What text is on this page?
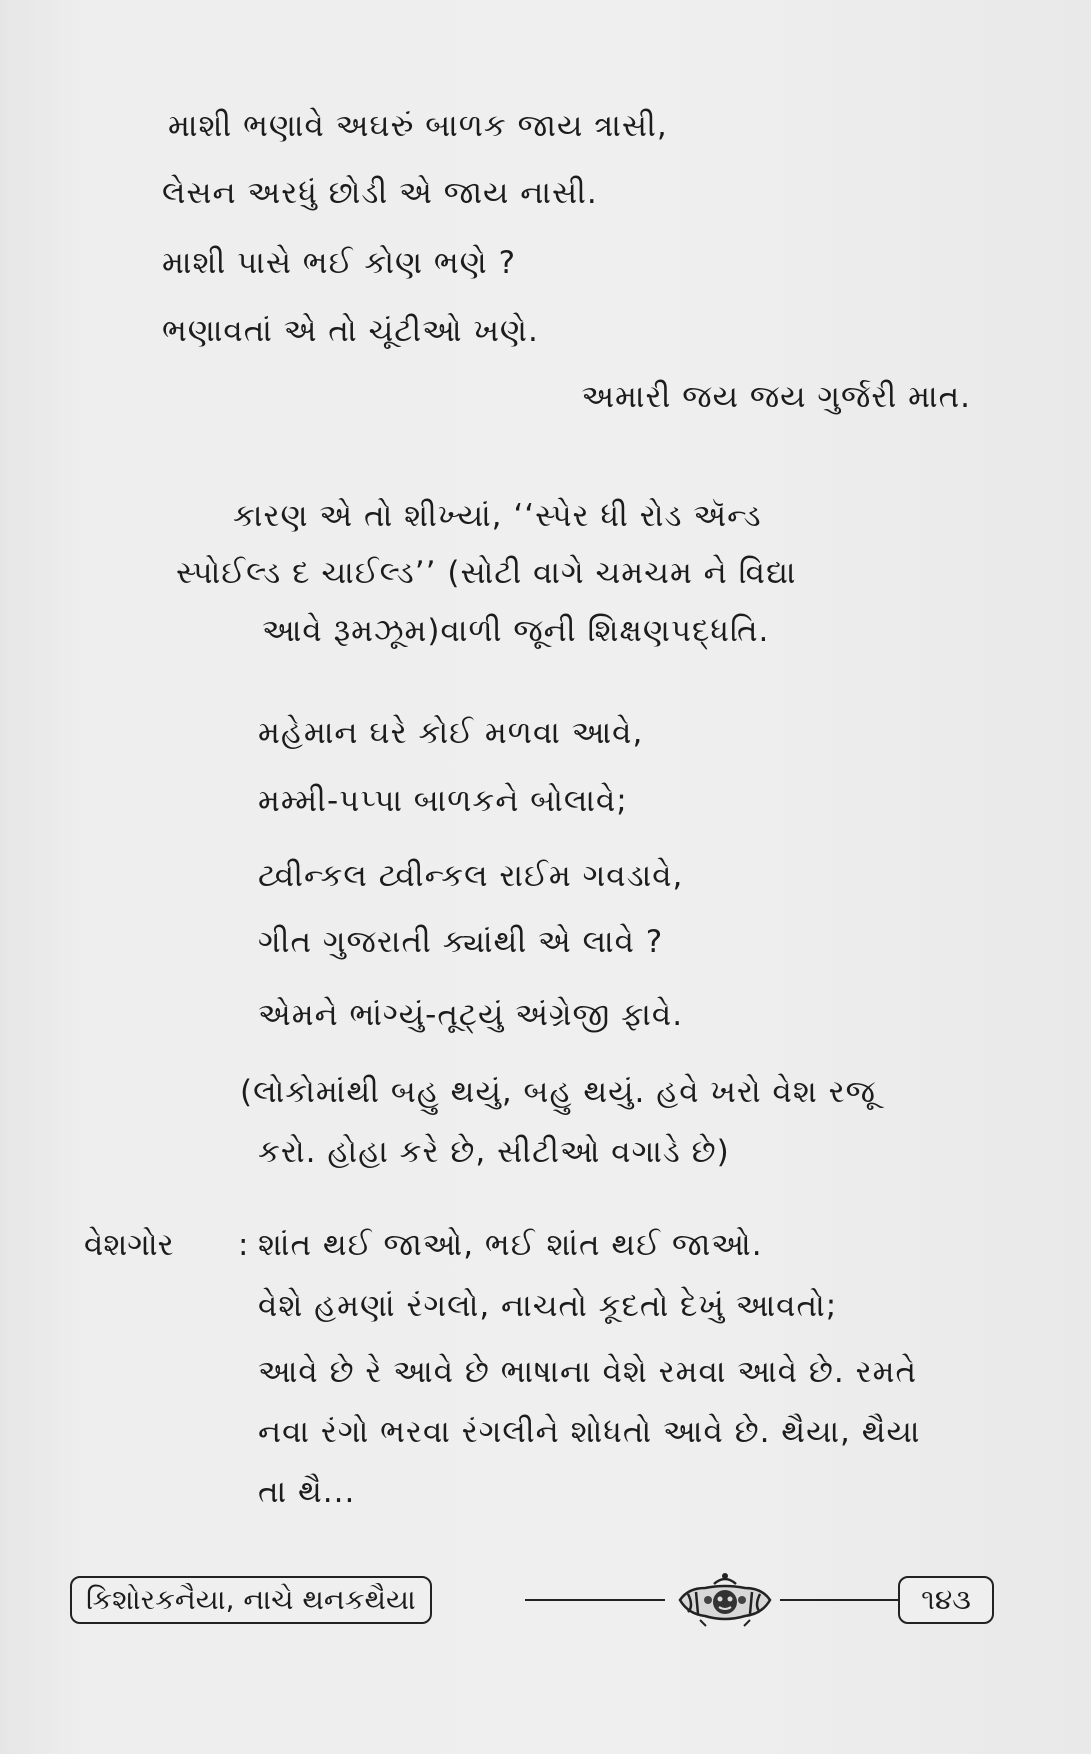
માશી ભણાવે અઘરું બાળક જાય ત્રાસી,
લેસન અરધું છોડી એ જાય નાસી.
માશી પાસે ભઈ કોણ ભણે ?
ભણાવતાં એ તો ચૂંટીઓ ખણે.
અમારી જય જય ગુર્જરી માત.
કારણ એ તો શીખ્યાં, ‘‘સ્પેર ધી રોડ ઍન્ડ
સ્પોઈલ્ડ દ ચાઈલ્ડ’’ (સોટી વાગે ચમચમ ને વિદ્યા
આવે રૂમઝૂમ)વાળી જૂની શિક્ષણપદ્ધતિ.
મહેમાન ઘરે કોઈ મળવા આવે,
મમ્મી-પપ્પા બાળકને બોલાવે;
ટ્વીન્કલ ટ્વીન્કલ રાઈમ ગવડાવે,
ગીત ગુજરાતી ક્યાંથી એ લાવે ?
એમને ભાંગ્યું-તૂટ્યું અંગ્રેજી ફાવે.
(લોકોમાંથી બહુ થયું, બહુ થયું. હવે ખરો વેશ રજૂ
કરો. હોહા કરે છે, સીટીઓ વગાડે છે)
વેશગોર : શાંત થઈ જાઓ, ભઈ શાંત થઈ જાઓ.
વેશે હમણાં રંગલો, નાચતો કૂદતો દેખું આવતો;
આવે છે રે આવે છે ભાષાના વેશે રમવા આવે છે. રમતે
નવા રંગો ભરવા રંગલીને શોધતો આવે છે. થૈયા, થૈયા
તા થૈ...
કિશોરકનૈયા, નાચે થનકથૈયા	૧૪૩
